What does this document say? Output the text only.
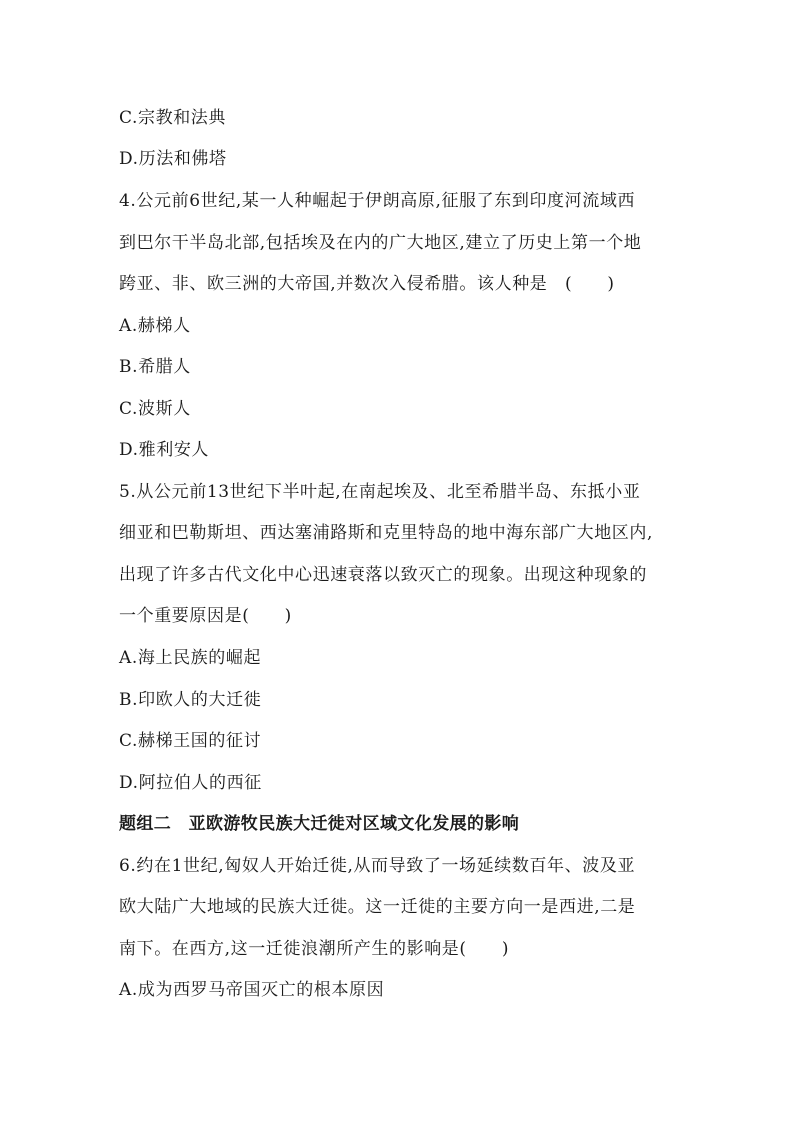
C.宗教和法典
D.历法和佛塔
4.公元前6世纪,某一人种崛起于伊朗高原,征服了东到印度河流域西
到巴尔干半岛北部,包括埃及在内的广大地区,建立了历史上第一个地
跨亚、非、欧三洲的大帝国,并数次入侵希腊。该人种是　(　　)
A.赫梯人
B.希腊人
C.波斯人
D.雅利安人
5.从公元前13世纪下半叶起,在南起埃及、北至希腊半岛、东抵小亚
细亚和巴勒斯坦、西达塞浦路斯和克里特岛的地中海东部广大地区内,
出现了许多古代文化中心迅速衰落以致灭亡的现象。出现这种现象的
一个重要原因是(　　)
A.海上民族的崛起
B.印欧人的大迁徙
C.赫梯王国的征讨
D.阿拉伯人的西征
题组二　亚欧游牧民族大迁徙对区域文化发展的影响
6.约在1世纪,匈奴人开始迁徙,从而导致了一场延续数百年、波及亚
欧大陆广大地域的民族大迁徙。这一迁徙的主要方向一是西进,二是
南下。在西方,这一迁徙浪潮所产生的影响是(　　)
A.成为西罗马帝国灭亡的根本原因
